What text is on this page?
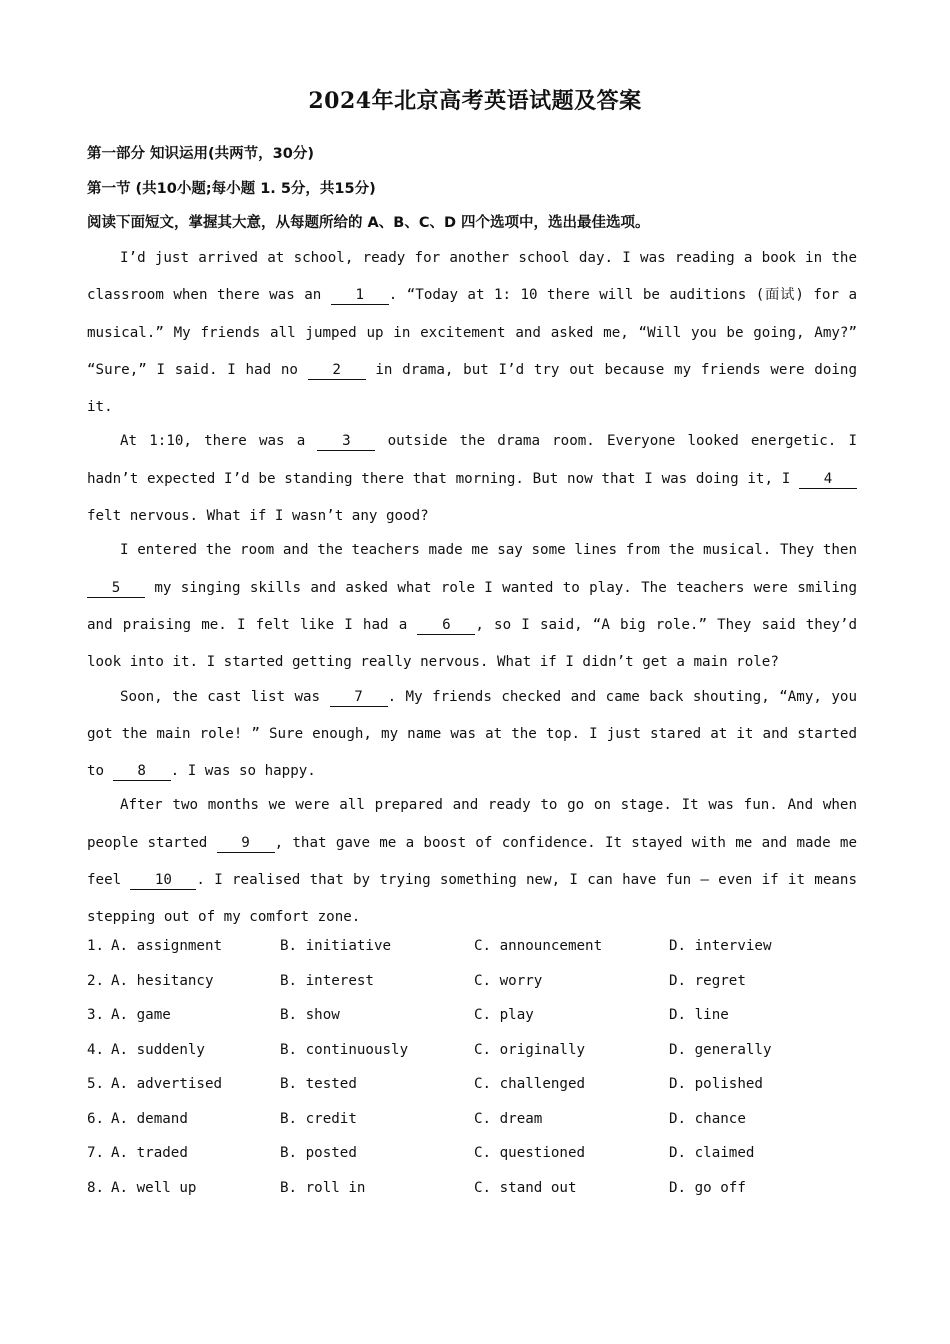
2024年北京高考英语试题及答案
第一部分 知识运用(共两节，30分)
第一节 (共10小题;每小题 1. 5分，共15分)
阅读下面短文，掌握其大意，从每题所给的 A、B、C、D 四个选项中，选出最佳选项。

I’d just arrived at school, ready for another school day. I was reading a book in the classroom when there was an 1 . “Today at 1: 10 there will be auditions (面试) for a musical.” My friends all jumped up in excitement and asked me, “Will you be going, Amy?” “Sure,” I said. I had no 2 in drama, but I’d try out because my friends were doing it.

At 1:10, there was a 3 outside the drama room. Everyone looked energetic. I hadn’t expected I’d be standing there that morning. But now that I was doing it, I 4 felt nervous. What if I wasn’t any good?

I entered the room and the teachers made me say some lines from the musical. They then 5 my singing skills and asked what role I wanted to play. The teachers were smiling and praising me. I felt like I had a 6 , so I said, “A big role.” They said they’d look into it. I started getting really nervous. What if I didn’t get a main role?

Soon, the cast list was 7 . My friends checked and came back shouting, “Amy, you got the main role! ” Sure enough, my name was at the top. I just stared at it and started to 8 . I was so happy.

After two months we were all prepared and ready to go on stage. It was fun. And when people started 9 , that gave me a boost of confidence. It stayed with me and made me feel 10 . I realised that by trying something new, I can have fun — even if it means stepping out of my comfort zone.

1. A. assignment	B. initiative	C. announcement	D. interview
2. A. hesitancy	B. interest	C. worry	D. regret
3. A. game	B. show	C. play	D. line
4. A. suddenly	B. continuously	C. originally	D. generally
5. A. advertised	B. tested	C. challenged	D. polished
6. A. demand	B. credit	C. dream	D. chance
7. A. traded	B. posted	C. questioned	D. claimed
8. A. well up	B. roll in	C. stand out	D. go off
